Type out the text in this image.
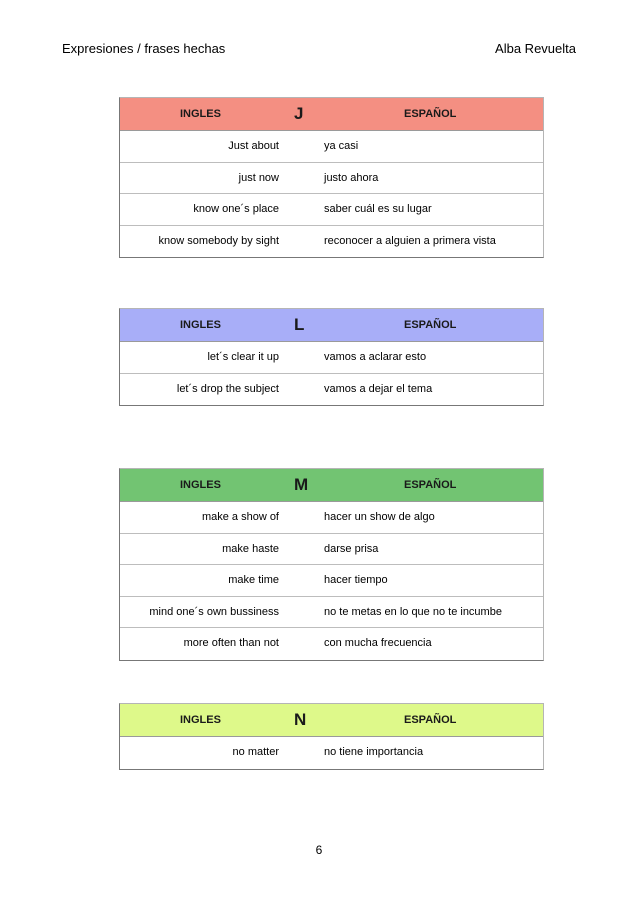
Expresiones / frases hechas	Alba Revuelta
INGLES	J	ESPAÑOL
Just about	ya casi
just now	justo ahora
know one´s place	saber cuál es su lugar
know somebody by sight	reconocer a alguien a primera vista
INGLES	L	ESPAÑOL
let´s clear it up	vamos a aclarar esto
let´s drop the subject	vamos a dejar el tema
INGLES	M	ESPAÑOL
make a show of	hacer un show de algo
make haste	darse prisa
make time	hacer tiempo
mind one´s own bussiness	no te metas en lo que no te incumbe
more often than not	con mucha frecuencia
INGLES	N	ESPAÑOL
no matter	no tiene importancia
6
